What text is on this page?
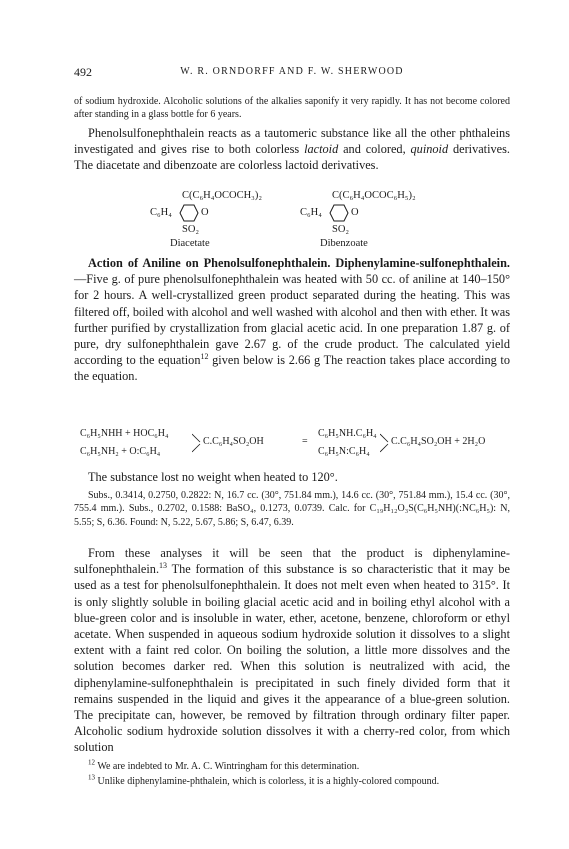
492	W. R. ORNDORFF AND F. W. SHERWOOD
of sodium hydroxide. Alcoholic solutions of the alkalies saponify it very rapidly. It has not become colored after standing in a glass bottle for 6 years.
Phenolsulfonephthalein reacts as a tautomeric substance like all the other phthaleins investigated and gives rise to both colorless lactoid and colored, quinoid derivatives. The diacetate and dibenzoate are colorless lactoid derivatives.
C(C₆H₄OCOCH₃)₂
C₆H₄	O
SO₂
Diacetate
C(C₆H₄OCOC₆H₅)₂
C₆H₄	O
SO₂
Dibenzoate
Action of Aniline on Phenolsulfonephthalein. Diphenylamine-sulfonephthalein.—Five g. of pure phenolsulfonephthalein was heated with 50 cc. of aniline at 140–150° for 2 hours. A well-crystallized green product separated during the heating. This was filtered off, boiled with alcohol and well washed with alcohol and then with ether. It was further purified by crystallization from glacial acetic acid. In one preparation 1.87 g. of pure, dry sulfonephthalein gave 2.67 g. of the crude product. The calculated yield according to the equation$^{12}$ given below is 2.66 g The reaction takes place according to the equation.
C₆H₅NHH + HOC₆H₄
C₆H₅NH₂ + O:C₆H₄
C.C₆H₄SO₂OH	=
C₆H₅NH.C₆H₄
C₆H₅N:C₆H₄
C.C₆H₄SO₂OH + 2H₂O
The substance lost no weight when heated to 120°.
Subs., 0.3414, 0.2750, 0.2822: N, 16.7 cc. (30°, 751.84 mm.), 14.6 cc. (30°, 751.84 mm.), 15.4 cc. (30°, 755.4 mm.). Subs., 0.2702, 0.1588: BaSO₄, 0.1273, 0.0739. Calc. for C₁₉H₁₂O₃S(C₆H₅NH)(:NC₆H₅): N, 5.55; S, 6.36. Found: N, 5.22, 5.67, 5.86; S, 6.47, 6.39.
From these analyses it will be seen that the product is diphenylamine-sulfonephthalein.$^{13}$ The formation of this substance is so characteristic that it may be used as a test for phenolsulfonephthalein. It does not melt even when heated to 315°. It is only slightly soluble in boiling glacial acetic acid and in boiling ethyl alcohol with a blue-green color and is insoluble in water, ether, acetone, benzene, chloroform or ethyl acetate. When suspended in aqueous sodium hydroxide solution it dissolves to a slight extent with a faint red color. On boiling the solution, a little more dissolves and the solution becomes darker red. When this solution is neutralized with acid, the diphenylamine-sulfonephthalein is precipitated in such finely divided form that it remains suspended in the liquid and gives it the appearance of a blue-green solution. The precipitate can, however, be removed by filtration through ordinary filter paper. Alcoholic sodium hydroxide solution dissolves it with a cherry-red color, from which solution
$^{12}$ We are indebted to Mr. A. C. Wintringham for this determination.
$^{13}$ Unlike diphenylamine-phthalein, which is colorless, it is a highly-colored compound.
